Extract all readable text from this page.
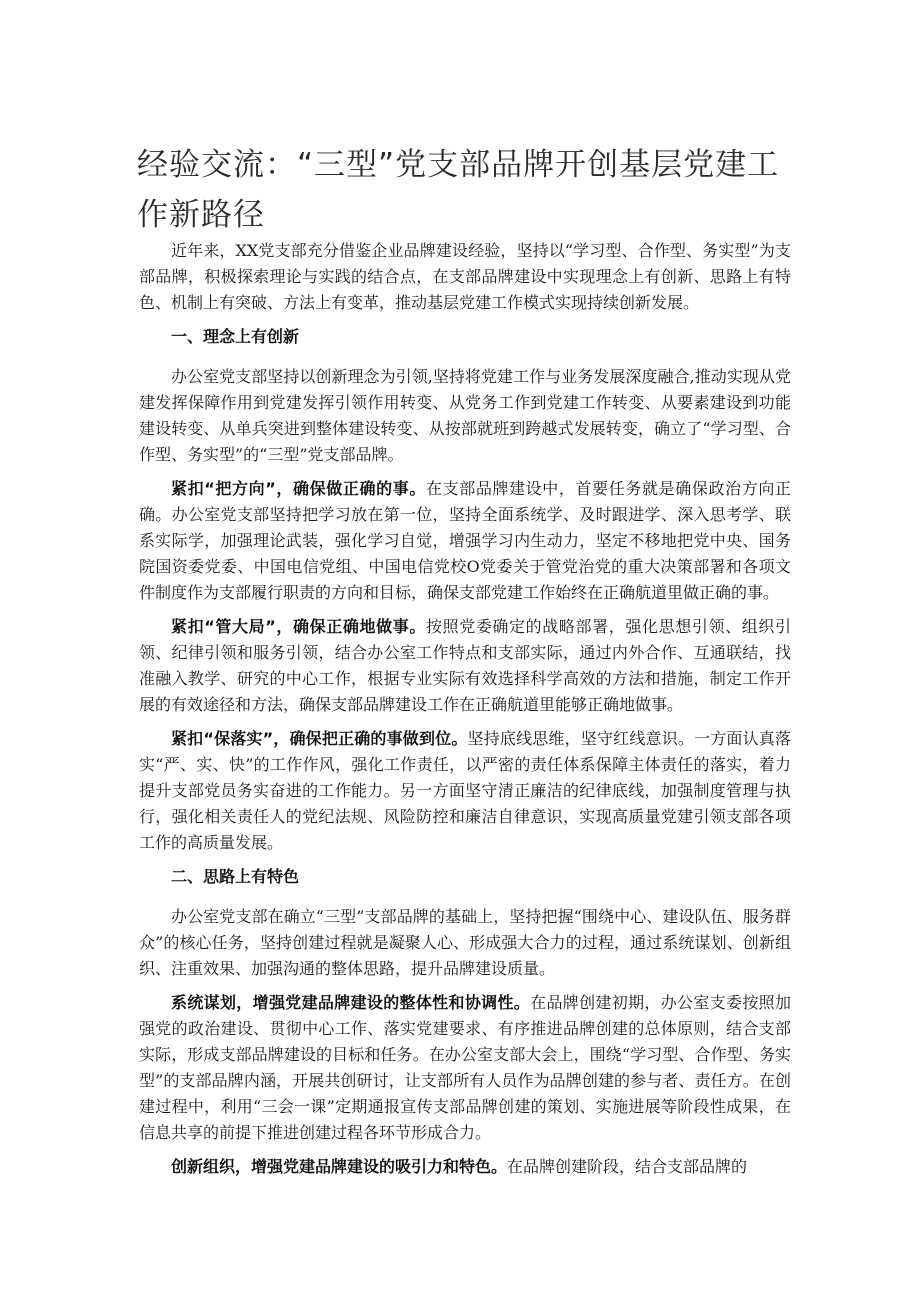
经验交流：“三型”党支部品牌开创基层党建工作新路径

近年来，XX党支部充分借鉴企业品牌建设经验，坚持以“学习型、合作型、务实型”为支部品牌，积极探索理论与实践的结合点，在支部品牌建设中实现理念上有创新、思路上有特色、机制上有突破、方法上有变革，推动基层党建工作模式实现持续创新发展。

一、理念上有创新

办公室党支部坚持以创新理念为引领,坚持将党建工作与业务发展深度融合,推动实现从党建发挥保障作用到党建发挥引领作用转变、从党务工作到党建工作转变、从要素建设到功能建设转变、从单兵突进到整体建设转变、从按部就班到跨越式发展转变，确立了“学习型、合作型、务实型”的“三型”党支部品牌。

紧扣“把方向”，确保做正确的事。在支部品牌建设中，首要任务就是确保政治方向正确。办公室党支部坚持把学习放在第一位，坚持全面系统学、及时跟进学、深入思考学、联系实际学，加强理论武装，强化学习自觉，增强学习内生动力，坚定不移地把党中央、国务院国资委党委、中国电信党组、中国电信党校O党委关于管党治党的重大决策部署和各项文件制度作为支部履行职责的方向和目标，确保支部党建工作始终在正确航道里做正确的事。

紧扣“管大局”，确保正确地做事。按照党委确定的战略部署，强化思想引领、组织引领、纪律引领和服务引领，结合办公室工作特点和支部实际，通过内外合作、互通联结，找准融入教学、研究的中心工作，根据专业实际有效选择科学高效的方法和措施，制定工作开展的有效途径和方法，确保支部品牌建设工作在正确航道里能够正确地做事。

紧扣“保落实”，确保把正确的事做到位。坚持底线思维，坚守红线意识。一方面认真落实“严、实、快”的工作作风，强化工作责任，以严密的责任体系保障主体责任的落实，着力提升支部党员务实奋进的工作能力。另一方面坚守清正廉洁的纪律底线，加强制度管理与执行，强化相关责任人的党纪法规、风险防控和廉洁自律意识，实现高质量党建引领支部各项工作的高质量发展。

二、思路上有特色

办公室党支部在确立“三型”支部品牌的基础上，坚持把握“围绕中心、建设队伍、服务群众”的核心任务，坚持创建过程就是凝聚人心、形成强大合力的过程，通过系统谋划、创新组织、注重效果、加强沟通的整体思路，提升品牌建设质量。

系统谋划，增强党建品牌建设的整体性和协调性。在品牌创建初期，办公室支委按照加强党的政治建设、贯彻中心工作、落实党建要求、有序推进品牌创建的总体原则，结合支部实际，形成支部品牌建设的目标和任务。在办公室支部大会上，围绕“学习型、合作型、务实型”的支部品牌内涵，开展共创研讨，让支部所有人员作为品牌创建的参与者、责任方。在创建过程中，利用“三会一课”定期通报宣传支部品牌创建的策划、实施进展等阶段性成果，在信息共享的前提下推进创建过程各环节形成合力。

创新组织，增强党建品牌建设的吸引力和特色。在品牌创建阶段，结合支部品牌的
